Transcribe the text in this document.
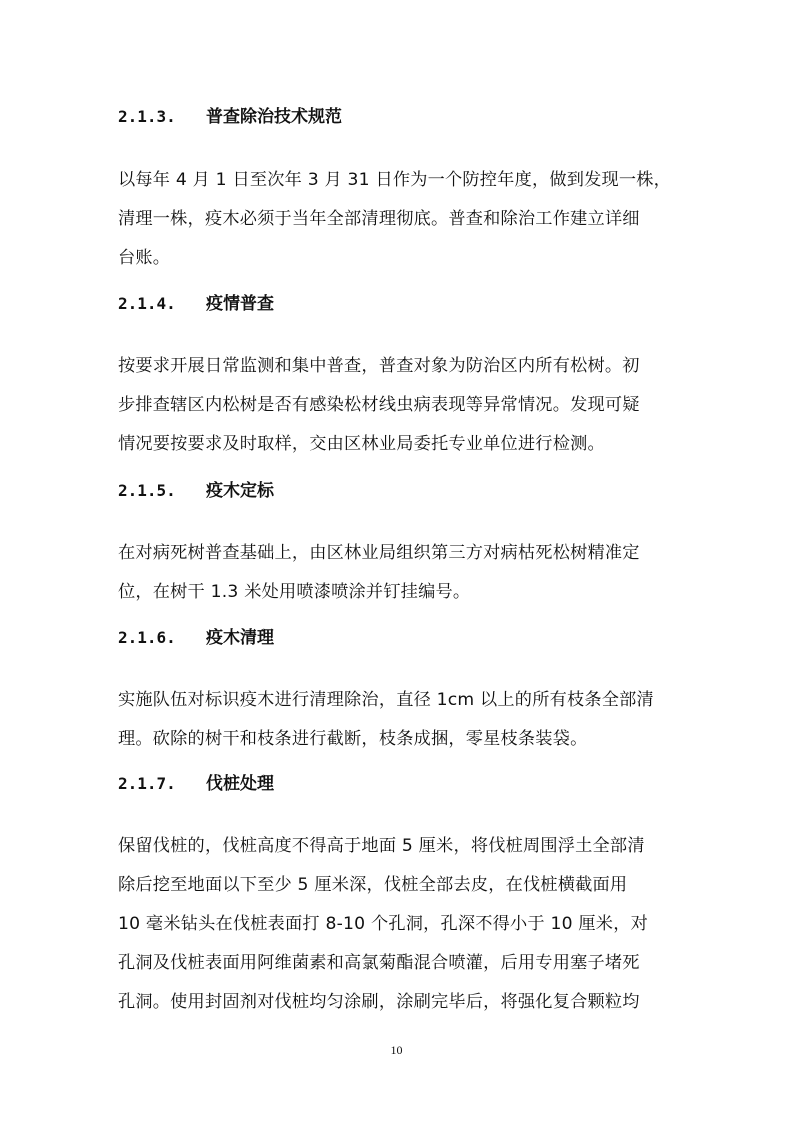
2.1.3. 普查除治技术规范
以每年 4 月 1 日至次年 3 月 31 日作为一个防控年度，做到发现一株，
清理一株，疫木必须于当年全部清理彻底。普查和除治工作建立详细
台账。
2.1.4. 疫情普查
按要求开展日常监测和集中普查，普查对象为防治区内所有松树。初
步排查辖区内松树是否有感染松材线虫病表现等异常情况。发现可疑
情况要按要求及时取样，交由区林业局委托专业单位进行检测。
2.1.5. 疫木定标
在对病死树普查基础上，由区林业局组织第三方对病枯死松树精准定
位，在树干 1.3 米处用喷漆喷涂并钉挂编号。
2.1.6. 疫木清理
实施队伍对标识疫木进行清理除治，直径 1cm 以上的所有枝条全部清
理。砍除的树干和枝条进行截断，枝条成捆，零星枝条装袋。
2.1.7. 伐桩处理
保留伐桩的，伐桩高度不得高于地面 5 厘米，将伐桩周围浮土全部清
除后挖至地面以下至少 5 厘米深，伐桩全部去皮，在伐桩横截面用
10 毫米钻头在伐桩表面打 8-10 个孔洞，孔深不得小于 10 厘米，对
孔洞及伐桩表面用阿维菌素和高氯菊酯混合喷灌，后用专用塞子堵死
孔洞。使用封固剂对伐桩均匀涂刷，涂刷完毕后，将强化复合颗粒均
10
